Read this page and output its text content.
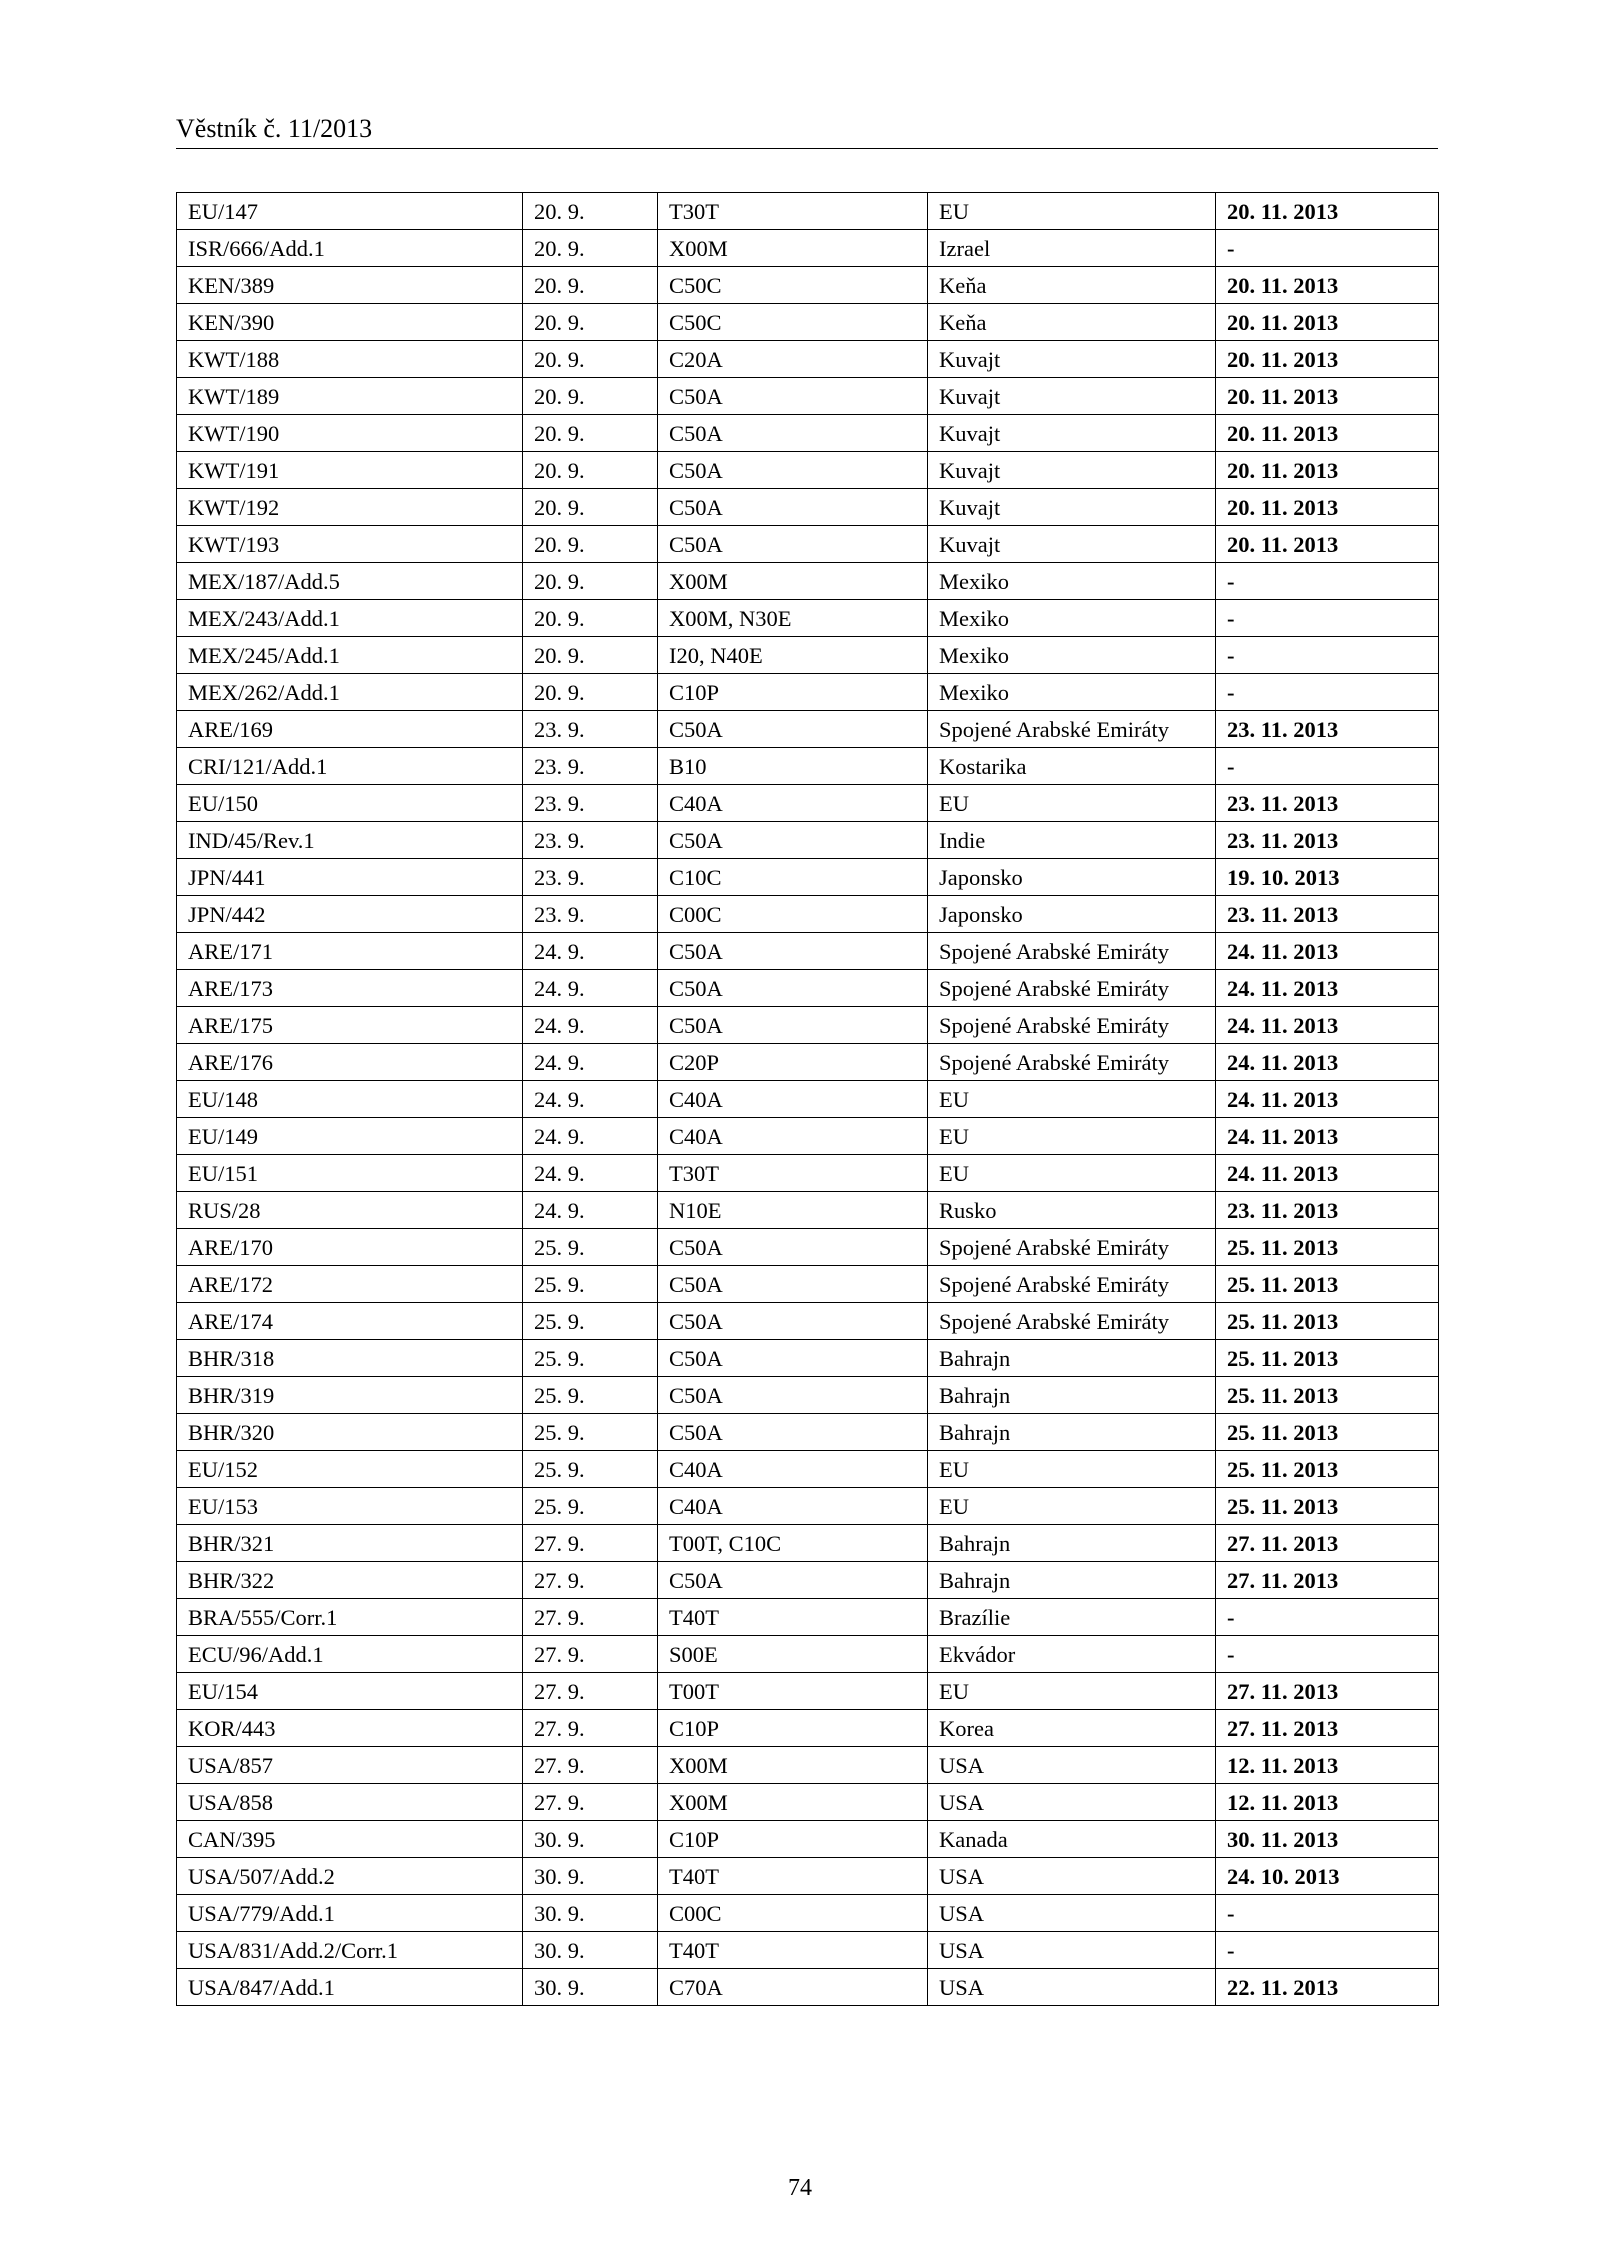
Věstník č. 11/2013
EU/147	20. 9.	T30T	EU	20. 11. 2013
ISR/666/Add.1	20. 9.	X00M	Izrael	-
KEN/389	20. 9.	C50C	Keňa	20. 11. 2013
KEN/390	20. 9.	C50C	Keňa	20. 11. 2013
KWT/188	20. 9.	C20A	Kuvajt	20. 11. 2013
KWT/189	20. 9.	C50A	Kuvajt	20. 11. 2013
KWT/190	20. 9.	C50A	Kuvajt	20. 11. 2013
KWT/191	20. 9.	C50A	Kuvajt	20. 11. 2013
KWT/192	20. 9.	C50A	Kuvajt	20. 11. 2013
KWT/193	20. 9.	C50A	Kuvajt	20. 11. 2013
MEX/187/Add.5	20. 9.	X00M	Mexiko	-
MEX/243/Add.1	20. 9.	X00M, N30E	Mexiko	-
MEX/245/Add.1	20. 9.	I20, N40E	Mexiko	-
MEX/262/Add.1	20. 9.	C10P	Mexiko	-
ARE/169	23. 9.	C50A	Spojené Arabské Emiráty	23. 11. 2013
CRI/121/Add.1	23. 9.	B10	Kostarika	-
EU/150	23. 9.	C40A	EU	23. 11. 2013
IND/45/Rev.1	23. 9.	C50A	Indie	23. 11. 2013
JPN/441	23. 9.	C10C	Japonsko	19. 10. 2013
JPN/442	23. 9.	C00C	Japonsko	23. 11. 2013
ARE/171	24. 9.	C50A	Spojené Arabské Emiráty	24. 11. 2013
ARE/173	24. 9.	C50A	Spojené Arabské Emiráty	24. 11. 2013
ARE/175	24. 9.	C50A	Spojené Arabské Emiráty	24. 11. 2013
ARE/176	24. 9.	C20P	Spojené Arabské Emiráty	24. 11. 2013
EU/148	24. 9.	C40A	EU	24. 11. 2013
EU/149	24. 9.	C40A	EU	24. 11. 2013
EU/151	24. 9.	T30T	EU	24. 11. 2013
RUS/28	24. 9.	N10E	Rusko	23. 11. 2013
ARE/170	25. 9.	C50A	Spojené Arabské Emiráty	25. 11. 2013
ARE/172	25. 9.	C50A	Spojené Arabské Emiráty	25. 11. 2013
ARE/174	25. 9.	C50A	Spojené Arabské Emiráty	25. 11. 2013
BHR/318	25. 9.	C50A	Bahrajn	25. 11. 2013
BHR/319	25. 9.	C50A	Bahrajn	25. 11. 2013
BHR/320	25. 9.	C50A	Bahrajn	25. 11. 2013
EU/152	25. 9.	C40A	EU	25. 11. 2013
EU/153	25. 9.	C40A	EU	25. 11. 2013
BHR/321	27. 9.	T00T, C10C	Bahrajn	27. 11. 2013
BHR/322	27. 9.	C50A	Bahrajn	27. 11. 2013
BRA/555/Corr.1	27. 9.	T40T	Brazílie	-
ECU/96/Add.1	27. 9.	S00E	Ekvádor	-
EU/154	27. 9.	T00T	EU	27. 11. 2013
KOR/443	27. 9.	C10P	Korea	27. 11. 2013
USA/857	27. 9.	X00M	USA	12. 11. 2013
USA/858	27. 9.	X00M	USA	12. 11. 2013
CAN/395	30. 9.	C10P	Kanada	30. 11. 2013
USA/507/Add.2	30. 9.	T40T	USA	24. 10. 2013
USA/779/Add.1	30. 9.	C00C	USA	-
USA/831/Add.2/Corr.1	30. 9.	T40T	USA	-
USA/847/Add.1	30. 9.	C70A	USA	22. 11. 2013
74
